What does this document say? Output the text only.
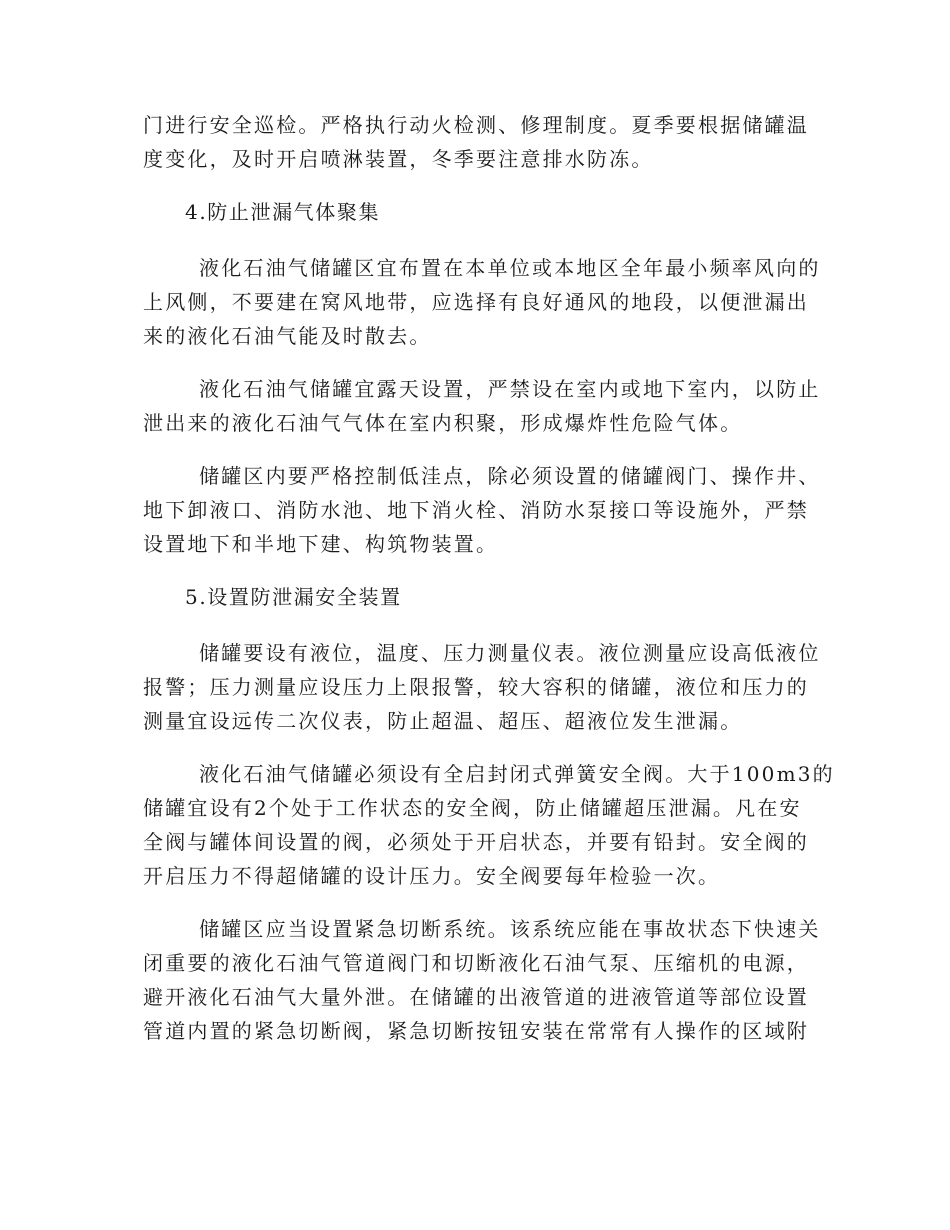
门进行安全巡检。严格执行动火检测、修理制度。夏季要根据储罐温
度变化，及时开启喷淋装置，冬季要注意排水防冻。
4.防止泄漏气体聚集
液化石油气储罐区宜布置在本单位或本地区全年最小频率风向的
上风侧，不要建在窝风地带，应选择有良好通风的地段，以便泄漏出
来的液化石油气能及时散去。
液化石油气储罐宜露天设置，严禁设在室内或地下室内，以防止
泄出来的液化石油气气体在室内积聚，形成爆炸性危险气体。
储罐区内要严格控制低洼点，除必须设置的储罐阀门、操作井、
地下卸液口、消防水池、地下消火栓、消防水泵接口等设施外，严禁
设置地下和半地下建、构筑物装置。
5.设置防泄漏安全装置
储罐要设有液位，温度、压力测量仪表。液位测量应设高低液位
报警；压力测量应设压力上限报警，较大容积的储罐，液位和压力的
测量宜设远传二次仪表，防止超温、超压、超液位发生泄漏。
液化石油气储罐必须设有全启封闭式弹簧安全阀。大于100m3的
储罐宜设有2个处于工作状态的安全阀，防止储罐超压泄漏。凡在安
全阀与罐体间设置的阀，必须处于开启状态，并要有铅封。安全阀的
开启压力不得超储罐的设计压力。安全阀要每年检验一次。
储罐区应当设置紧急切断系统。该系统应能在事故状态下快速关
闭重要的液化石油气管道阀门和切断液化石油气泵、压缩机的电源，
避开液化石油气大量外泄。在储罐的出液管道的进液管道等部位设置
管道内置的紧急切断阀，紧急切断按钮安装在常常有人操作的区域附
